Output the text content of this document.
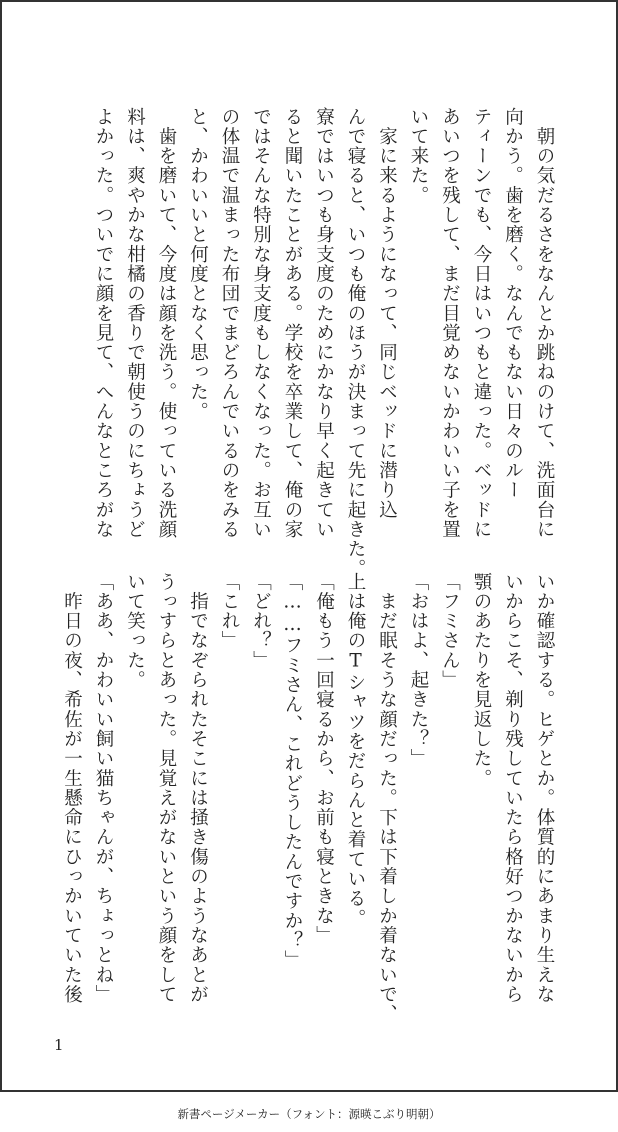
　朝の気だるさをなんとか跳ねのけて、洗面台に
向かう。歯を磨く。なんでもない日々のルー
ティーンでも、今日はいつもと違った。ベッドに
あいつを残して、まだ目覚めないかわいい子を置
いて来た。
　家に来るようになって、同じベッドに潜り込
んで寝ると、いつも俺のほうが決まって先に起きた。
寮ではいつも身支度のためにかなり早く起きてい
ると聞いたことがある。学校を卒業して、俺の家
ではそんな特別な身支度もしなくなった。お互い
の体温で温まった布団でまどろんでいるのをみる
と、かわいいと何度となく思った。
　歯を磨いて、今度は顔を洗う。使っている洗顔
料は、爽やかな柑橘の香りで朝使うのにちょうど
よかった。ついでに顔を見て、へんなところがな
いか確認する。ヒゲとか。体質的にあまり生えな
いからこそ、剃り残していたら格好つかないから
顎のあたりを見返した。
「フミさん」
「おはよ、起きた？」
　まだ眠そうな顔だった。下は下着しか着ないで、
上は俺のTシャツをだらんと着ている。
「俺もう一回寝るから、お前も寝ときな」
「……フミさん、これどうしたんですか？」
「どれ？」
「これ」
　指でなぞられたそこには掻き傷のようなあとが
うっすらとあった。見覚えがないという顔をして
いて笑った。
「ああ、かわいい飼い猫ちゃんが、ちょっとね」
　昨日の夜、希佐が一生懸命にひっかいていた後
1
新書ページメーカー（フォント：源暎こぶり明朝）
